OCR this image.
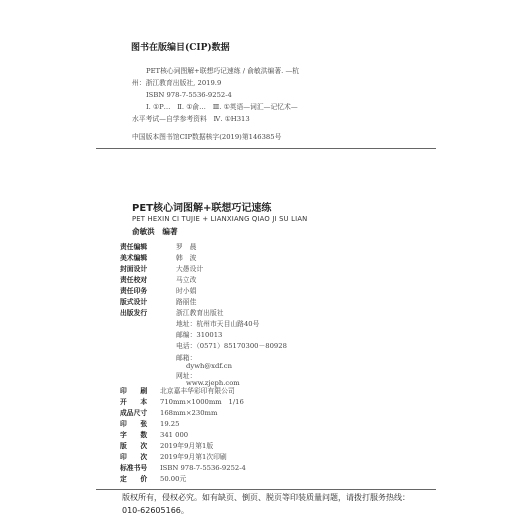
图书在版编目(CIP)数据
PET核心词图解+联想巧记速练 / 俞敏洪编著. —杭
州：浙江教育出版社, 2019.9
ISBN 978-7-5536-9252-4
Ⅰ. ①P…　Ⅱ. ①俞…　Ⅲ. ①英语—词汇—记忆术—
水平考试—自学参考资料　Ⅳ. ①H313
中国版本图书馆CIP数据核字(2019)第146385号
PET核心词图解+联想巧记速练
PET HEXIN CI TUJIE + LIANXIANG QIAO JI SU LIAN
俞敏洪　编著
责任编辑	罗　晨
美术编辑	韩　波
封面设计	大愚设计
责任校对	马立改
责任印务	时小娟
版式设计	路丽佳
出版发行	浙江教育出版社
地址：杭州市天目山路40号
邮编：310013
电话：（0571）85170300－80928
邮箱：
dywh@xdf.cn
网址：
www.zjeph.com
印　　刷 北京嘉丰华彩印有限公司
开　　本 710mm×1000mm　1/16
成品尺寸 168mm×230mm
印　　张 19.25
字　　数 341 000
版　　次 2019年9月第1版
印　　次 2019年9月第1次印刷
标准书号 ISBN 978-7-5536-9252-4
定　　价 50.00元
版权所有，侵权必究。如有缺页、倒页、脱页等印装质量问题，请拨打服务热线：
010-62605166。
